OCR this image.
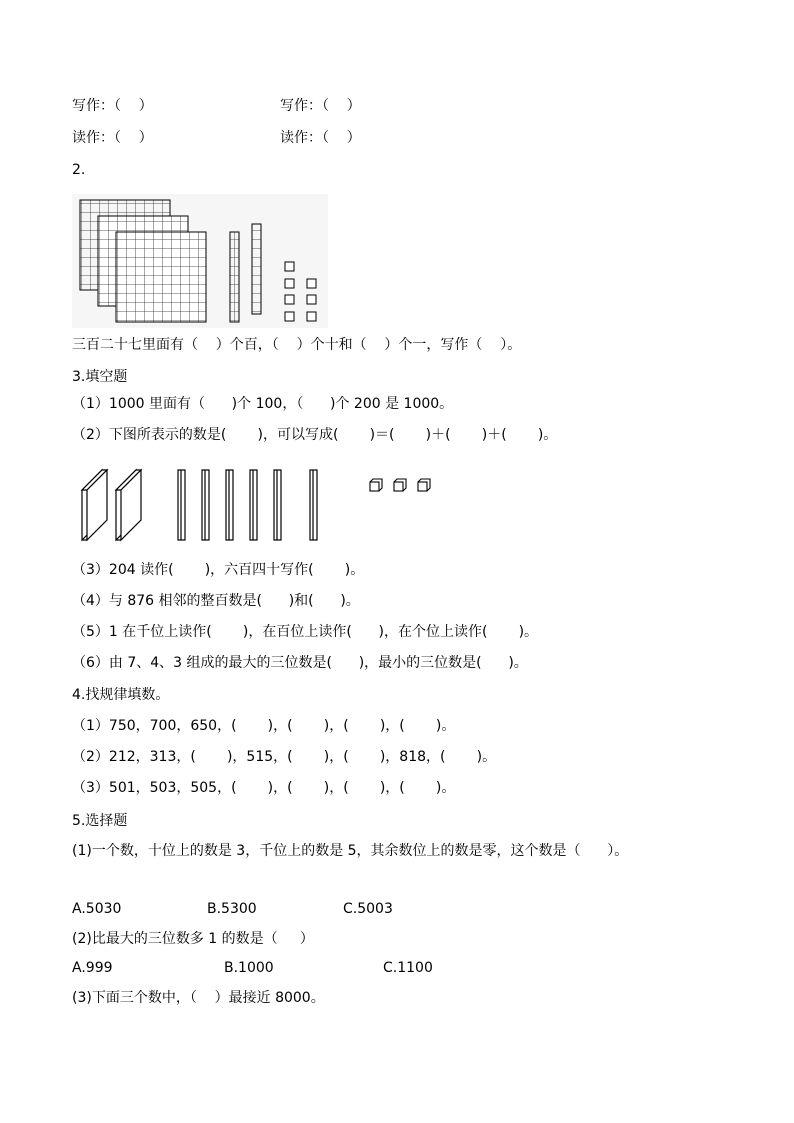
写作：（    ）	写作：（    ）
读作：（    ）	读作：（    ）
2.
三百二十七里面有（    ）个百，（    ）个十和（    ）个一，写作（    ）。
3.填空题
（1）1000 里面有（      )个 100，（      )个 200 是 1000。
（2）下图所表示的数是(       )，可以写成(       )＝(       )＋(       )＋(       )。
（3）204 读作(       )，六百四十写作(       )。
（4）与 876 相邻的整百数是(      )和(      )。
（5）1 在千位上读作(       )，在百位上读作(      )，在个位上读作(       )。
（6）由 7、4、3 组成的最大的三位数是(      )，最小的三位数是(      )。
4.找规律填数。
（1）750，700，650，(       )，(       )，(       )，(       )。
（2）212，313，(       )，515，(       )，(       )，818，(       )。
（3）501，503，505，(       )，(       )，(       )，(       )。
5.选择题
(1)一个数，十位上的数是 3，千位上的数是 5，其余数位上的数是零，这个数是（      ）。
A.5030	B.5300	C.5003
(2)比最大的三位数多 1 的数是（     ）
A.999	B.1000	C.1100
(3)下面三个数中，（    ）最接近 8000。
